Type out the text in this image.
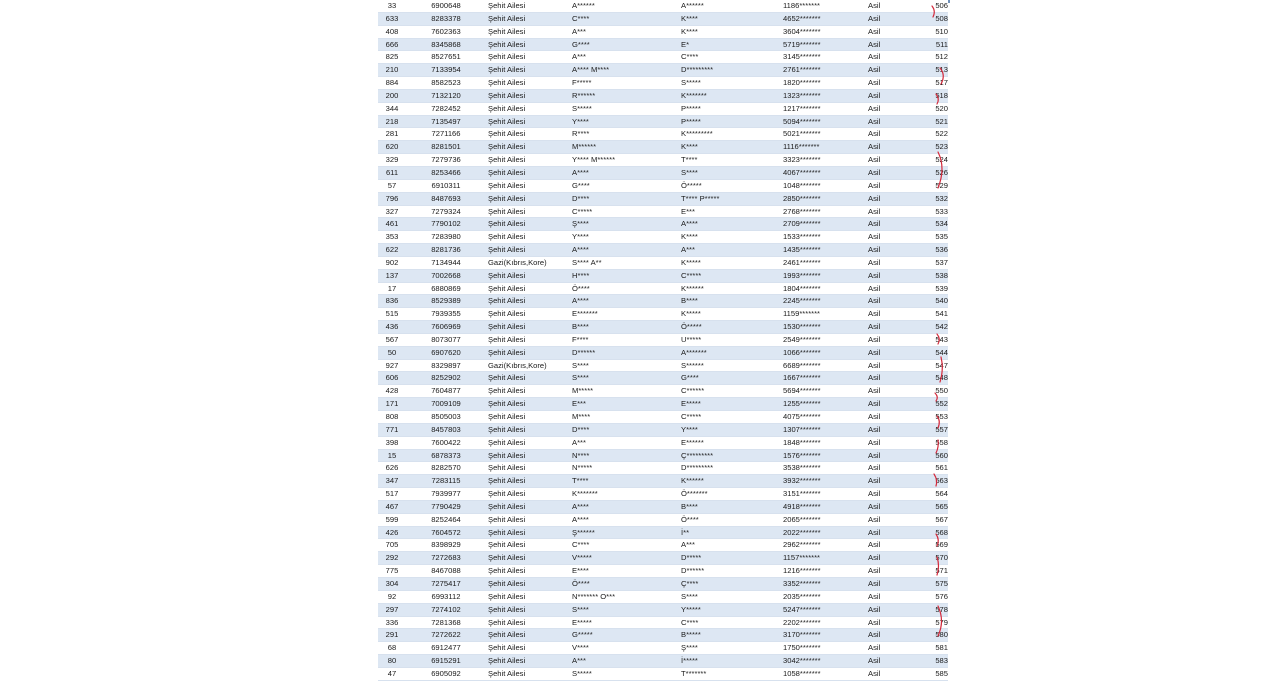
33	6900648	Şehit Ailesi	A******	A******	1186*******	Asil	506
633	8283378	Şehit Ailesi	C****	K****	4652*******	Asil	508
408	7602363	Şehit Ailesi	A***	K****	3604*******	Asil	510
666	8345868	Şehit Ailesi	G****	E*	5719*******	Asil	511
825	8527651	Şehit Ailesi	A***	C****	3145*******	Asil	512
210	7133954	Şehit Ailesi	A**** M****	D*********	2761*******	Asil	513
884	8582523	Şehit Ailesi	F*****	S*****	1820*******	Asil	517
200	7132120	Şehit Ailesi	R******	K*******	1323*******	Asil	518
344	7282452	Şehit Ailesi	S*****	P*****	1217*******	Asil	520
218	7135497	Şehit Ailesi	Y****	P*****	5094*******	Asil	521
281	7271166	Şehit Ailesi	R****	K*********	5021*******	Asil	522
620	8281501	Şehit Ailesi	M******	K****	1116*******	Asil	523
329	7279736	Şehit Ailesi	Y**** M******	T****	3323*******	Asil	524
611	8253466	Şehit Ailesi	A****	S****	4067*******	Asil	526
57	6910311	Şehit Ailesi	G****	Ö*****	1048*******	Asil	529
796	8487693	Şehit Ailesi	D****	T**** P*****	2850*******	Asil	532
327	7279324	Şehit Ailesi	C*****	E***	2768*******	Asil	533
461	7790102	Şehit Ailesi	Ş****	A****	2709*******	Asil	534
353	7283980	Şehit Ailesi	Y****	K****	1533*******	Asil	535
622	8281736	Şehit Ailesi	A****	A***	1435*******	Asil	536
902	7134944	Gazi(Kıbrıs,Kore)	S**** A**	K*****	2461*******	Asil	537
137	7002668	Şehit Ailesi	H****	C*****	1993*******	Asil	538
17	6880869	Şehit Ailesi	Ö****	K******	1804*******	Asil	539
836	8529389	Şehit Ailesi	A****	B****	2245*******	Asil	540
515	7939355	Şehit Ailesi	E*******	K*****	1159*******	Asil	541
436	7606969	Şehit Ailesi	B****	Ö*****	1530*******	Asil	542
567	8073077	Şehit Ailesi	F****	U*****	2549*******	Asil	543
50	6907620	Şehit Ailesi	D******	A*******	1066*******	Asil	544
927	8329897	Gazi(Kıbrıs,Kore)	S****	S******	6689*******	Asil	547
606	8252902	Şehit Ailesi	S****	G****	1667*******	Asil	548
428	7604877	Şehit Ailesi	M*****	C******	5694*******	Asil	550
171	7009109	Şehit Ailesi	E***	E*****	1255*******	Asil	552
808	8505003	Şehit Ailesi	M****	C*****	4075*******	Asil	553
771	8457803	Şehit Ailesi	D****	Y****	1307*******	Asil	557
398	7600422	Şehit Ailesi	A***	E******	1848*******	Asil	558
15	6878373	Şehit Ailesi	N****	Ç*********	1576*******	Asil	560
626	8282570	Şehit Ailesi	N*****	D*********	3538*******	Asil	561
347	7283115	Şehit Ailesi	T****	K******	3932*******	Asil	563
517	7939977	Şehit Ailesi	K*******	Ö*******	3151*******	Asil	564
467	7790429	Şehit Ailesi	A****	B****	4918*******	Asil	565
599	8252464	Şehit Ailesi	A****	Ö****	2065*******	Asil	567
426	7604572	Şehit Ailesi	Ş******	İ**	2022*******	Asil	568
705	8398929	Şehit Ailesi	C****	A***	2962*******	Asil	569
292	7272683	Şehit Ailesi	V*****	D*****	1157*******	Asil	570
775	8467088	Şehit Ailesi	E****	D******	1216*******	Asil	571
304	7275417	Şehit Ailesi	Ö****	Ç****	3352*******	Asil	575
92	6993112	Şehit Ailesi	N******* O***	S****	2035*******	Asil	576
297	7274102	Şehit Ailesi	S****	Y*****	5247*******	Asil	578
336	7281368	Şehit Ailesi	E*****	C****	2202*******	Asil	579
291	7272622	Şehit Ailesi	G*****	B*****	3170*******	Asil	580
68	6912477	Şehit Ailesi	V****	Ş****	1750*******	Asil	581
80	6915291	Şehit Ailesi	A***	İ*****	3042*******	Asil	583
47	6905092	Şehit Ailesi	S*****	T*******	1058*******	Asil	585
